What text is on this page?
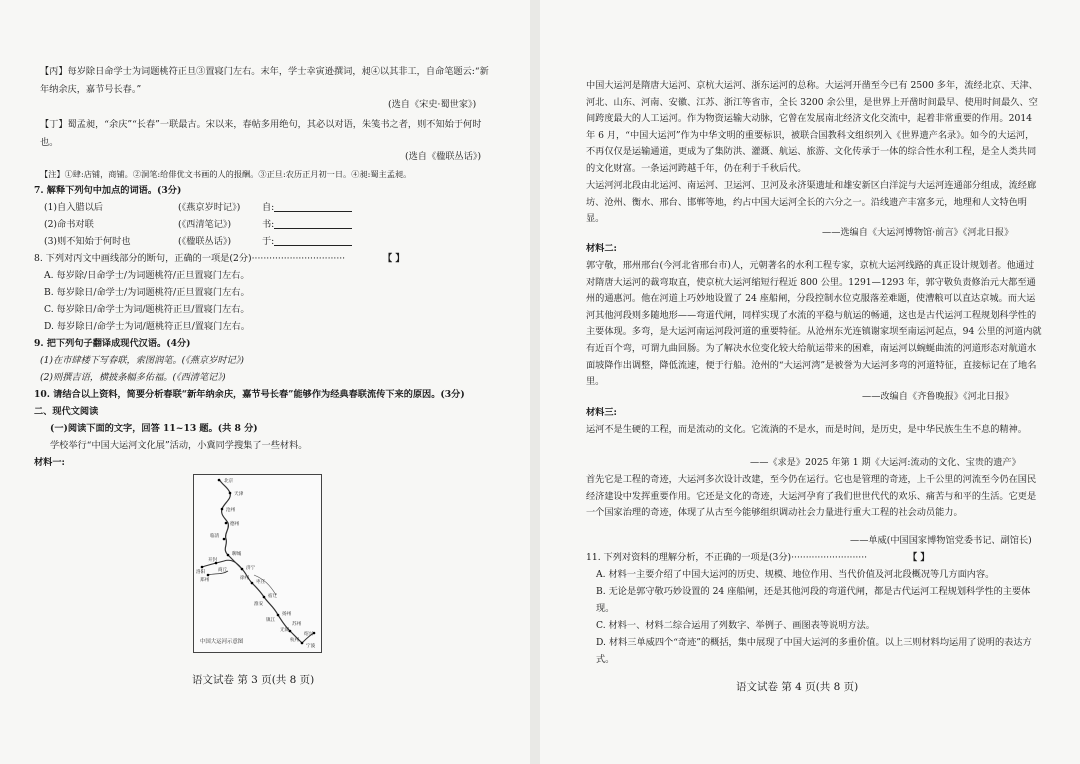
【丙】每岁除日命学士为词题桃符正旦③置寝门左右。末年，学士幸寅逊撰词，昶④以其非工，自命笔题云:“新年纳余庆，嘉节号长春。”
(选自《宋史·蜀世家》)
【丁】蜀孟昶，“余庆”“长春”一联最古。宋以来，春帖多用绝句，其必以对语，朱笺书之者，则不知始于何时也。
(选自《楹联丛话》)
【注】①肆:店铺，商铺。②洞笔:给俳优文书画的人的报酬。③正旦:农历正月初一日。④昶:蜀主孟昶。
7. 解释下列句中加点的词语。(3分)
(1)自入腊以后	(《燕京岁时记》) 自:
(2)命书对联	(《西清笔记》)	书:
(3)则不知始于何时也	(《楹联丛话》)	于:
8. 下列对丙文中画线部分的断句，正确的一项是(2分)································	【 】
A. 每岁除/日命学士/为词题桃符/正旦置寝门左右。
B. 每岁除日/命学士/为词题桃符/正旦置寝门左右。
C. 每岁除日/命学士为词/题桃符正旦/置寝门左右。
D. 每岁除日/命学士为词/题桃符正旦/置寝门左右。
9. 把下列句子翻译成现代汉语。(4分)
(1)在市肆楼下写春联，索图润笔。(《燕京岁时记》)
(2)则撰吉语，横披条幅多佑福。(《西清笔记》)
10. 请结合以上资料，简要分析春联“新年纳余庆，嘉节号长春”能够作为经典春联流传下来的原因。(3分)
二、现代文阅读
(一)阅读下面的文字，回答 11~13 题。(共 8 分)
学校举行“中国大运河文化展”活动，小冀同学搜集了一些材料。
材料一:
北京
天津
沧州
德州
临清
聊城
济宁
枣庄
徐州
宿迁
淮安
扬州
镇江
苏州
杭州
宁波
商丘
洛阳
开封
郑州
绍兴
无锡
中国大运河示意图
语文试卷 第 3 页(共 8 页)
中国大运河是隋唐大运河、京杭大运河、浙东运河的总称。大运河开凿至今已有 2500 多年，流经北京、天津、河北、山东、河南、安徽、江苏、浙江等省市，全长 3200 余公里，是世界上开凿时间最早、使用时间最久、空间跨度最大的人工运河。作为物资运输大动脉，它曾在发展南北经济文化交流中，起着非常重要的作用。2014 年 6 月，“中国大运河”作为中华文明的重要标识，被联合国教科文组织列入《世界遗产名录》。如今的大运河，不再仅仅是运输通道，更成为了集防洪、灌溉、航运、旅游、文化传承于一体的综合性水利工程，是全人类共同的文化财富。一条运河跨越千年，仍在利于千秋后代。
大运河河北段由北运河、南运河、卫运河、卫河及永济渠遗址和雄安新区白洋淀与大运河连通部分组成，流经廊坊、沧州、衡水、邢台、邯郸等地，约占中国大运河全长的六分之一。沿线遗产丰富多元，地理和人文特色明显。
——选编自《大运河博物馆·前言》《河北日报》
材料二:
郭守敬，邢州邢台(今河北省邢台市)人，元朝著名的水利工程专家，京杭大运河线路的真正设计规划者。他通过对隋唐大运河的裁弯取直，使京杭大运河缩短行程近 800 公里。1291—1293 年，郭守敬负责修治元大都至通州的通惠河。他在河道上巧妙地设置了 24 座船闸，分段控制水位克服落差难题，使漕粮可以直达京城。而大运河其他河段则多随地形——弯道代闸，同样实现了水流的平稳与航运的畅通，这也是古代运河工程规划科学性的主要体现。多弯，是大运河南运河段河道的重要特征。从沧州东光连镇谢家坝至南运河起点，94 公里的河道内就有近百个弯，可谓九曲回肠。为了解决水位变化较大给航运带来的困难，南运河以蜿蜒曲流的河道形态对航道水面坡降作出调整，降低流速，便于行船。沧州的“大运河湾”是被誉为大运河多弯的河道特征，直接标记在了地名里。
——改编自《齐鲁晚报》《河北日报》
材料三:
运河不是生硬的工程，而是流动的文化。它流淌的不是水，而是时间，是历史，是中华民族生生不息的精神。
——《求是》2025 年第 1 期《大运河:流动的文化、宝贵的遗产》
首先它是工程的奇迹，大运河多次设计改建，至今仍在运行。它也是管理的奇迹，上千公里的河流至今仍在国民经济建设中发挥重要作用。它还是文化的奇迹，大运河孕育了我们世世代代的欢乐、痛苦与和平的生活。它更是一个国家治理的奇迹，体现了从古至今能够组织调动社会力量进行重大工程的社会动员能力。
——单威(中国国家博物馆党委书记、副馆长)
11. 下列对资料的理解分析，不正确的一项是(3分)··························	【 】
A. 材料一主要介绍了中国大运河的历史、规模、地位作用、当代价值及河北段概况等几方面内容。
B. 无论是郭守敬巧妙设置的 24 座船闸，还是其他河段的弯道代闸，都是古代运河工程规划科学性的主要体现。
C. 材料一、材料二综合运用了列数字、举例子、画图表等说明方法。
D. 材料三单威四个“奇迹”的概括，集中展现了中国大运河的多重价值。以上三则材料均运用了说明的表达方式。
语文试卷 第 4 页(共 8 页)
